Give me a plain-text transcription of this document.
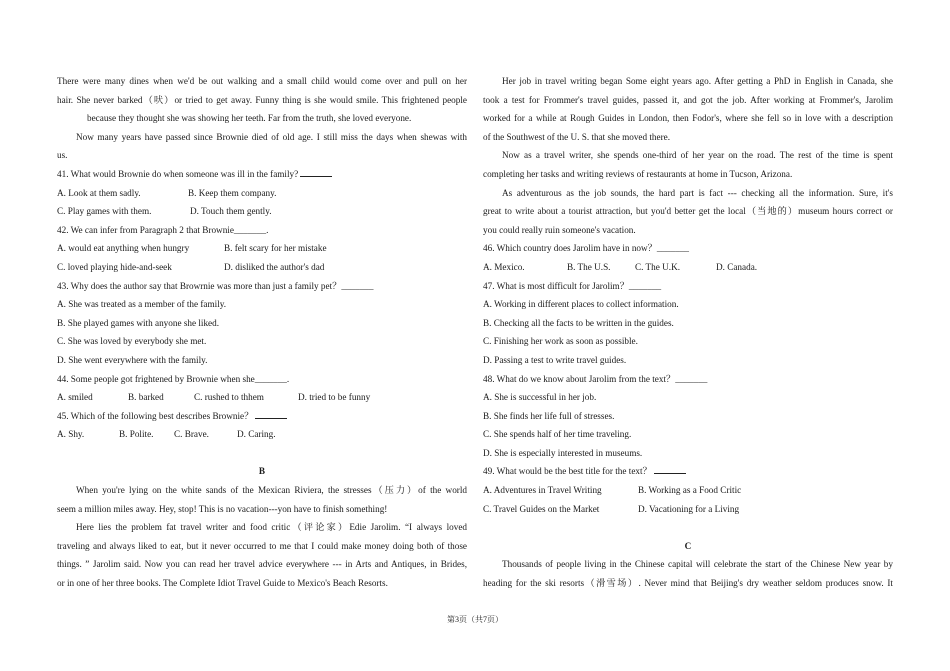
There were many dines when we'd be out walking and a small child would come over and pull on her
hair. She never barked（吠）or tried to get away. Funny thing is she would smile. This frightened people
because they thought she was showing her teeth. Far from the truth, she loved everyone.
Now many years have passed since Brownie died of old age. I still miss the days when shewas with
us.
41. What would Brownie do when someone was ill in the family?
A. Look at them sadly.	B. Keep them company.
C. Play games with them.	D. Touch them gently.
42. We can infer from Paragraph 2 that Brownie_______.
A. would eat anything when hungry	B. felt scary for her mistake
C. loved playing hide-and-seek	D. disliked the author's dad
43. Why does the author say that Browrnie was more than just a family pet？_______
A. She was treated as a member of the family.
B. She played games with anyone she liked.
C. She was loved by everybody she met.
D. She went everywhere with the family.
44. Some people got frightened by Brownie when she_______.
A. smiled	B. barked	C. rushed to thhem	D. tried to be funny
45. Which of the following best describes Brownie？
A. Shy.	B. Polite.	C. Brave.	D. Caring.
B
When you're lying on the white sands of the Mexican Riviera, the stresses（压力）of the world
seem a million miles away. Hey, stop! This is no vacation---yon have to finish something!
Here lies the problem fat travel writer and food critic（评论家）Edie Jarolim. “I always loved
traveling and always liked to eat, but it never occurred to me that I could make money doing both of those
things. ” Jarolim said. Now you can read her travel advice everywhere --- in Arts and Antiques, in Brides,
or in one of her three books. The Complete Idiot Travel Guide to Mexico's Beach Resorts.
Her job in travel writing began Some eight years ago. After getting a PhD in English in Canada, she
took a test for Frommer's travel guides, passed it, and got the job. After working at Frommer's, Jarolim
worked for a while at Rough Guides in London, then Fodor's, where she fell so in love with a description
of the Southwest of the U. S. that she moved there.
Now as a travel writer, she spends one-third of her year on the road. The rest of the time is spent
completing her tasks and writing reviews of restaurants at home in Tucson, Arizona.
As adventurous as the job sounds, the hard part is fact --- checking all the information. Sure, it's
great to write about a tourist attraction, but you'd better get the local（当地的）museum hours correct or
you could really ruin someone's vacation.
46. Which country does Jarolim have in now？_______
A. Mexico.	B. The U.S.	C. The U.K.	D. Canada.
47. What is most difficult for Jarolim？_______
A. Working in different places to collect information.
B. Checking all the facts to be written in the guides.
C. Finishing her work as soon as possible.
D. Passing a test to write travel guides.
48. What do we know about Jarolim from the text？_______
A. She is successful in her job.
B. She finds her life full of stresses.
C. She spends half of her time traveling.
D. She is especially interested in museums.
49. What would be the best title for the text？
A. Adventures in Travel Writing	B. Working as a Food Critic
C. Travel Guides on the Market	D. Vacationing for a Living
C
Thousands of people living in the Chinese capital will celebrate the start of the Chinese New year by
heading for the ski resorts（滑雪场）. Never mind that Beijing's dry weather seldom produces snow. It
第3页（共7页）
